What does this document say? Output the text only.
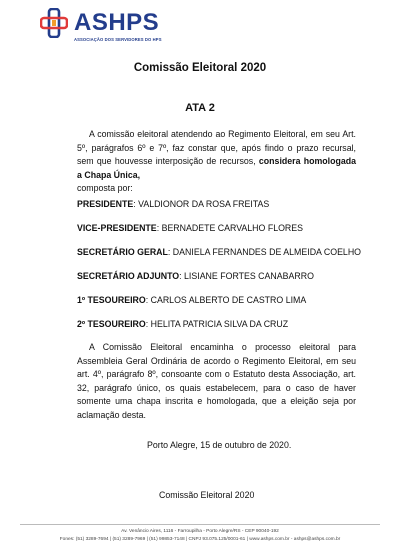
ASHPS
ASSOCIAÇÃO DOS SERVIDORES DO HPS
Comissão Eleitoral 2020
ATA 2
A comissão eleitoral atendendo ao Regimento Eleitoral, em seu Art. 5º, parágrafos 6º e 7º, faz constar que, após findo o prazo recursal, sem que houvesse interposição de recursos, considera homologada a Chapa Única,
composta por:
PRESIDENTE: VALDIONOR DA ROSA FREITAS
VICE-PRESIDENTE: BERNADETE CARVALHO FLORES
SECRETÁRIO GERAL: DANIELA FERNANDES DE ALMEIDA COELHO
SECRETÁRIO ADJUNTO: LISIANE FORTES CANABARRO
1º TESOUREIRO: CARLOS ALBERTO DE CASTRO LIMA
2º TESOUREIRO: HELITA PATRICIA SILVA DA CRUZ
A Comissão Eleitoral encaminha o processo eleitoral para Assembleia Geral Ordinária de acordo o Regimento Eleitoral, em seu art. 4º, parágrafo 8º, consoante com o Estatuto desta Associação, art. 32, parágrafo único, os quais estabelecem, para o caso de haver somente uma chapa inscrita e homologada, que a eleição seja por aclamação desta.
Porto Alegre, 15 de outubro de 2020.
Comissão Eleitoral 2020
Av. Venâncio Aires, 1116 - Farroupilha - Porto Alegre/RS - CEP 90040-192
Fones: (51) 3289-7694 | (51) 3289-7969 | (51) 99853-7148 | CNPJ 93.075.125/0001-61 | www.ashps.com.br - ashps@ashps.com.br
